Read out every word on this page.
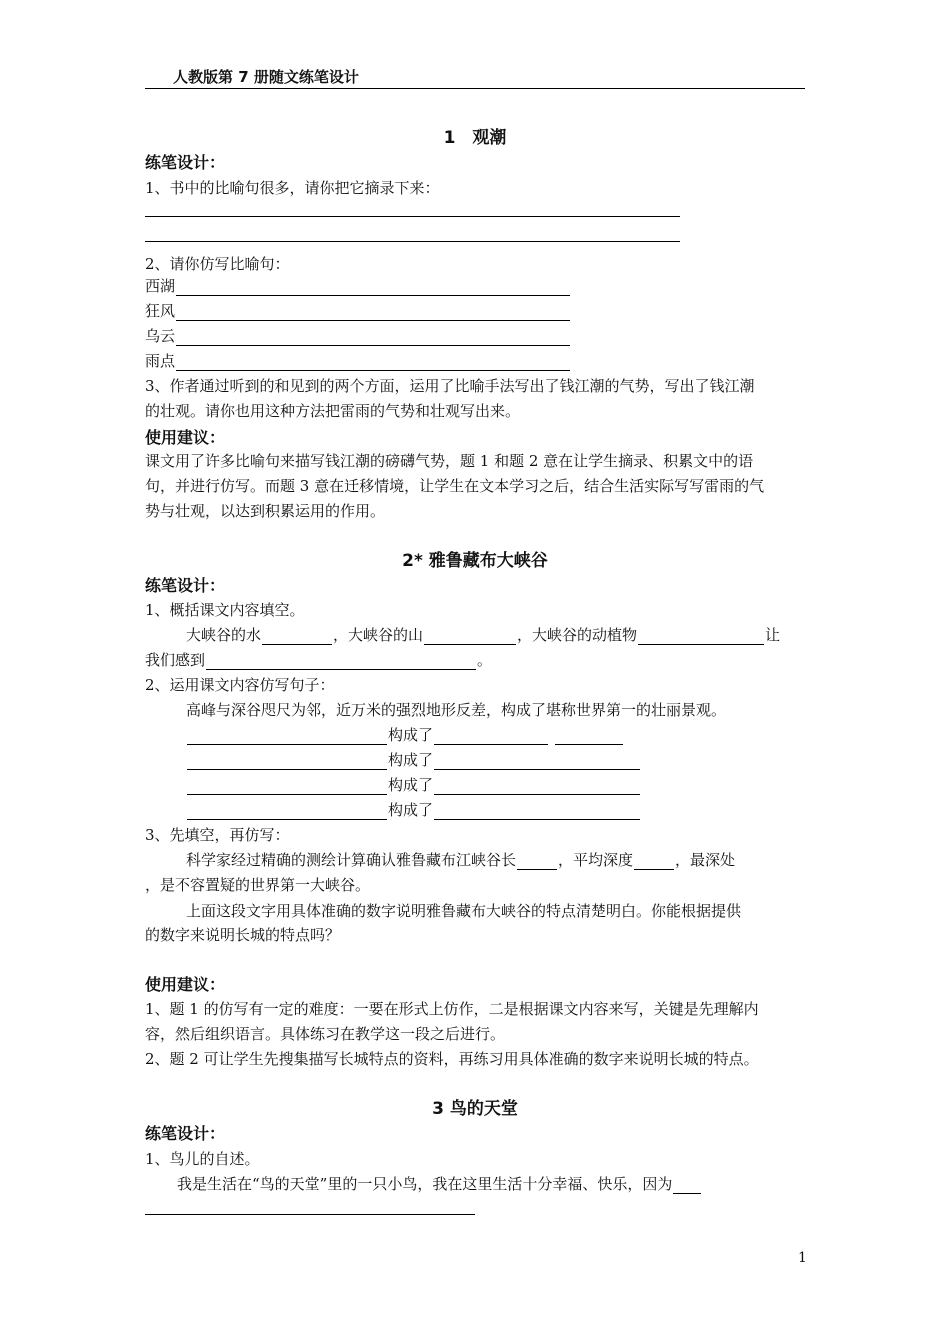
人教版第 7 册随文练笔设计
1　观潮
练笔设计：
1、书中的比喻句很多，请你把它摘录下来：
2、请你仿写比喻句：
西湖
狂风
乌云
雨点
3、作者通过听到的和见到的两个方面，运用了比喻手法写出了钱江潮的气势，写出了钱江潮
的壮观。请你也用这种方法把雷雨的气势和壮观写出来。
使用建议：
课文用了许多比喻句来描写钱江潮的磅礴气势，题 1 和题 2 意在让学生摘录、积累文中的语
句，并进行仿写。而题 3 意在迁移情境，让学生在文本学习之后，结合生活实际写写雷雨的气
势与壮观，以达到积累运用的作用。
2* 雅鲁藏布大峡谷
练笔设计：
1、概括课文内容填空。
大峡谷的水	，大峡谷的山	，大峡谷的动植物	让
我们感到	。
2、运用课文内容仿写句子：
高峰与深谷咫尺为邻，近万米的强烈地形反差，构成了堪称世界第一的壮丽景观。
构成了
构成了
构成了
构成了
3、先填空，再仿写：
科学家经过精确的测绘计算确认雅鲁藏布江峡谷长	，平均深度	，最深处
，是不容置疑的世界第一大峡谷。
上面这段文字用具体准确的数字说明雅鲁藏布大峡谷的特点清楚明白。你能根据提供
的数字来说明长城的特点吗？
使用建议：
1、题 1 的仿写有一定的难度：一要在形式上仿作，二是根据课文内容来写，关键是先理解内
容，然后组织语言。具体练习在教学这一段之后进行。
2、题 2 可让学生先搜集描写长城特点的资料，再练习用具体准确的数字来说明长城的特点。
3 鸟的天堂
练笔设计：
1、鸟儿的自述。
我是生活在“鸟的天堂”里的一只小鸟，我在这里生活十分幸福、快乐，因为
1
